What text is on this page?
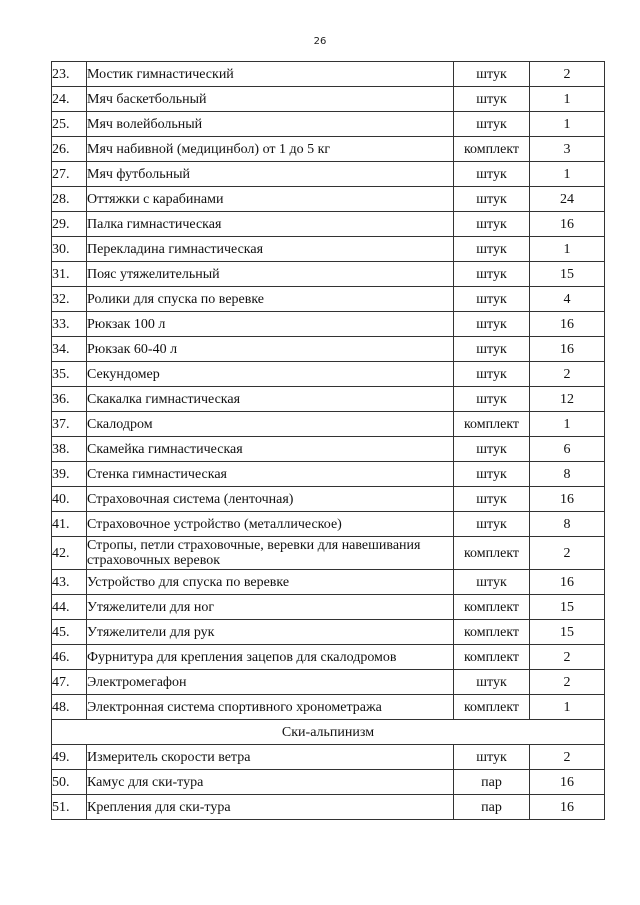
26
23.	Мостик гимнастический	штук	2
24.	Мяч баскетбольный	штук	1
25.	Мяч волейбольный	штук	1
26.	Мяч набивной (медицинбол) от 1 до 5 кг	комплект	3
27.	Мяч футбольный	штук	1
28.	Оттяжки с карабинами	штук	24
29.	Палка гимнастическая	штук	16
30.	Перекладина гимнастическая	штук	1
31.	Пояс утяжелительный	штук	15
32.	Ролики для спуска по веревке	штук	4
33.	Рюкзак 100 л	штук	16
34.	Рюкзак 60-40 л	штук	16
35.	Секундомер	штук	2
36.	Скакалка гимнастическая	штук	12
37.	Скалодром	комплект	1
38.	Скамейка гимнастическая	штук	6
39.	Стенка гимнастическая	штук	8
40.	Страховочная система (ленточная)	штук	16
41.	Страховочное устройство (металлическое)	штук	8
42.	Стропы, петли страховочные, веревки для навешивания страховочных веревок	комплект	2
43.	Устройство для спуска по веревке	штук	16
44.	Утяжелители для ног	комплект	15
45.	Утяжелители для рук	комплект	15
46.	Фурнитура для крепления зацепов для скалодромов	комплект	2
47.	Электромегафон	штук	2
48.	Электронная система спортивного хронометража	комплект	1
Ски-альпинизм			
49.	Измеритель скорости ветра	штук	2
50.	Камус для ски-тура	пар	16
51.	Крепления для ски-тура	пар	16
